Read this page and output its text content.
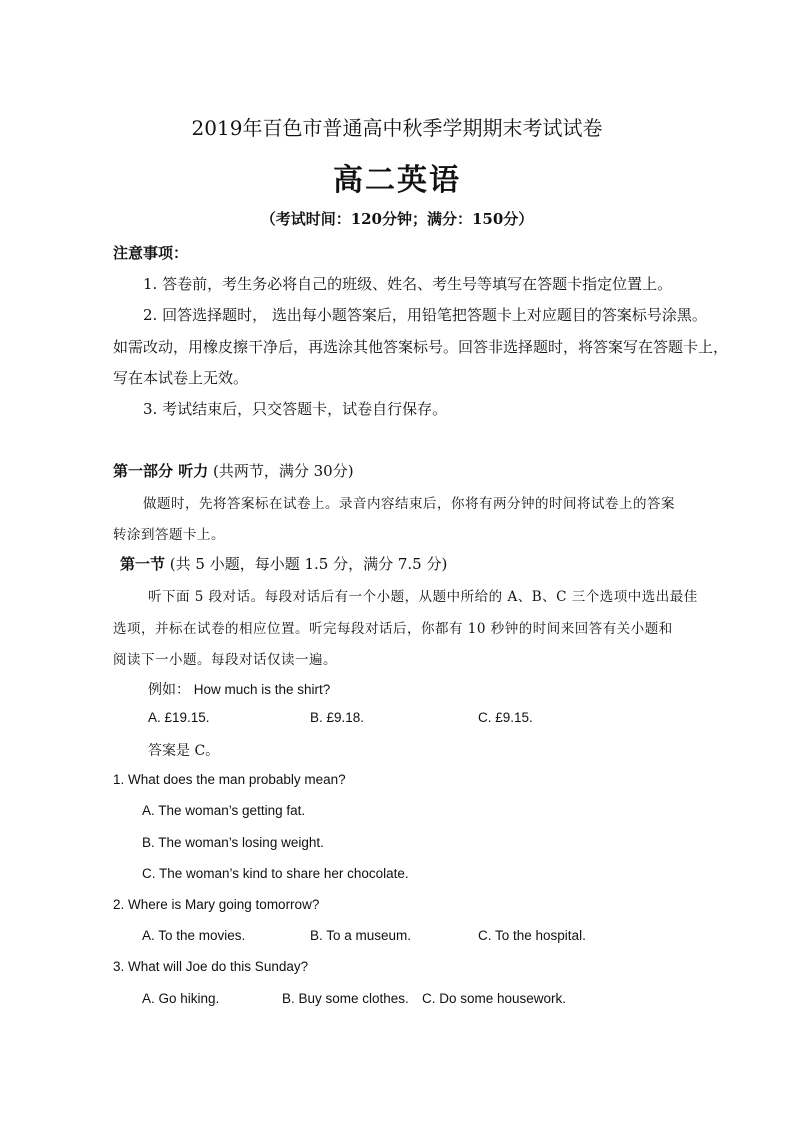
2019年百色市普通高中秋季学期期末考试试卷
高二英语
（考试时间：120分钟；满分：150分）
注意事项：
1. 答卷前，考生务必将自己的班级、姓名、考生号等填写在答题卡指定位置上。
2. 回答选择题时， 选出每小题答案后，用铅笔把答题卡上对应题目的答案标号涂黑。
如需改动，用橡皮擦干净后，再选涂其他答案标号。回答非选择题时，将答案写在答题卡上，
写在本试卷上无效。
3. 考试结束后，只交答题卡，试卷自行保存。
第一部分 听力 (共两节，满分 30分)
做题时，先将答案标在试卷上。录音内容结束后，你将有两分钟的时间将试卷上的答案
转涂到答题卡上。
第一节 (共 5 小题，每小题 1.5 分，满分 7.5 分)
听下面 5 段对话。每段对话后有一个小题，从题中所给的 A、B、C 三个选项中选出最佳
选项，并标在试卷的相应位置。听完每段对话后，你都有 10 秒钟的时间来回答有关小题和
阅读下一小题。每段对话仅读一遍。
例如： How much is the shirt?
A. £19.15.	B. £9.18.	C. £9.15.
答案是 C。
1. What does the man probably mean?
A. The woman’s getting fat.
B. The woman’s losing weight.
C. The woman’s kind to share her chocolate.
2. Where is Mary going tomorrow?
A. To the movies.	B. To a museum.	C. To the hospital.
3. What will Joe do this Sunday?
A. Go hiking.	B. Buy some clothes. C. Do some housework.
